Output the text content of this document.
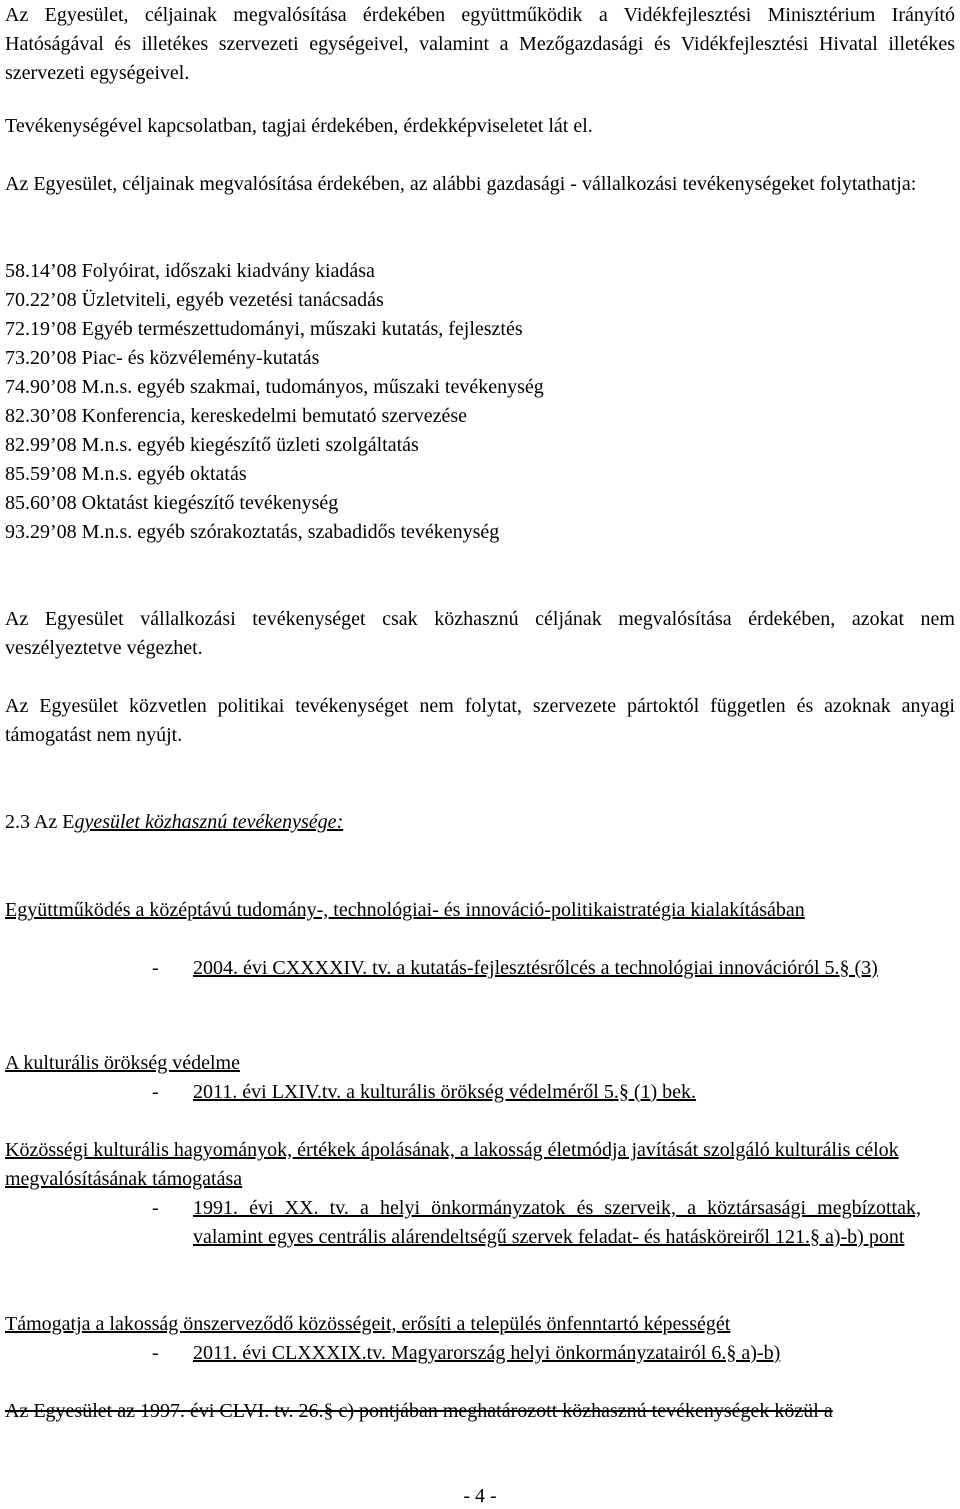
Az Egyesület, céljainak megvalósítása érdekében együttműködik a Vidékfejlesztési Minisztérium Irányító Hatóságával és illetékes szervezeti egységeivel, valamint a Mezőgazdasági és Vidékfejlesztési Hivatal illetékes szervezeti egységeivel.

Tevékenységével kapcsolatban, tagjai érdekében, érdekképviseletet lát el.

Az Egyesület, céljainak megvalósítása érdekében, az alábbi gazdasági - vállalkozási tevékenységeket folytathatja:

58.14’08 Folyóirat, időszaki kiadvány kiadása
70.22’08 Üzletviteli, egyéb vezetési tanácsadás
72.19’08 Egyéb természettudományi, műszaki kutatás, fejlesztés
73.20’08 Piac- és közvélemény-kutatás
74.90’08 M.n.s. egyéb szakmai, tudományos, műszaki tevékenység
82.30’08 Konferencia, kereskedelmi bemutató szervezése
82.99’08 M.n.s. egyéb kiegészítő üzleti szolgáltatás
85.59’08 M.n.s. egyéb oktatás
85.60’08 Oktatást kiegészítő tevékenység
93.29’08 M.n.s. egyéb szórakoztatás, szabadidős tevékenység

Az Egyesület vállalkozási tevékenységet csak közhasznú céljának megvalósítása érdekében, azokat nem veszélyeztetve végezhet.

Az Egyesület közvetlen politikai tevékenységet nem folytat, szervezete pártoktól független és azoknak anyagi támogatást nem nyújt.

2.3 Az Egyesület közhasznú tevékenysége:

Együttműködés a középtávú tudomány-, technológiai- és innováció-politikaistratégia kialakításában

- 2004. évi CXXXXIV. tv. a kutatás-fejlesztésrőlcés a technológiai innovációról 5.§ (3)

A kulturális örökség védelme
- 2011. évi LXIV.tv. a kulturális örökség védelméről 5.§ (1) bek.

Közösségi kulturális hagyományok, értékek ápolásának, a lakosság életmódja javítását szolgáló kulturális célok megvalósításának támogatása

- 1991. évi XX. tv. a helyi önkormányzatok és szerveik, a köztársasági megbízottak, valamint egyes centrális alárendeltségű szervek feladat- és hatásköreiről 121.§ a)-b) pont

Támogatja a lakosság önszerveződő közösségeit, erősíti a település önfenntartó képességét
- 2011. évi CLXXXIX.tv. Magyarország helyi önkormányzatairól 6.§ a)-b)

Az Egyesület az 1997. évi CLVI. tv. 26.§ c) pontjában meghatározott közhasznú tevékenységek közül a

- 4 -
